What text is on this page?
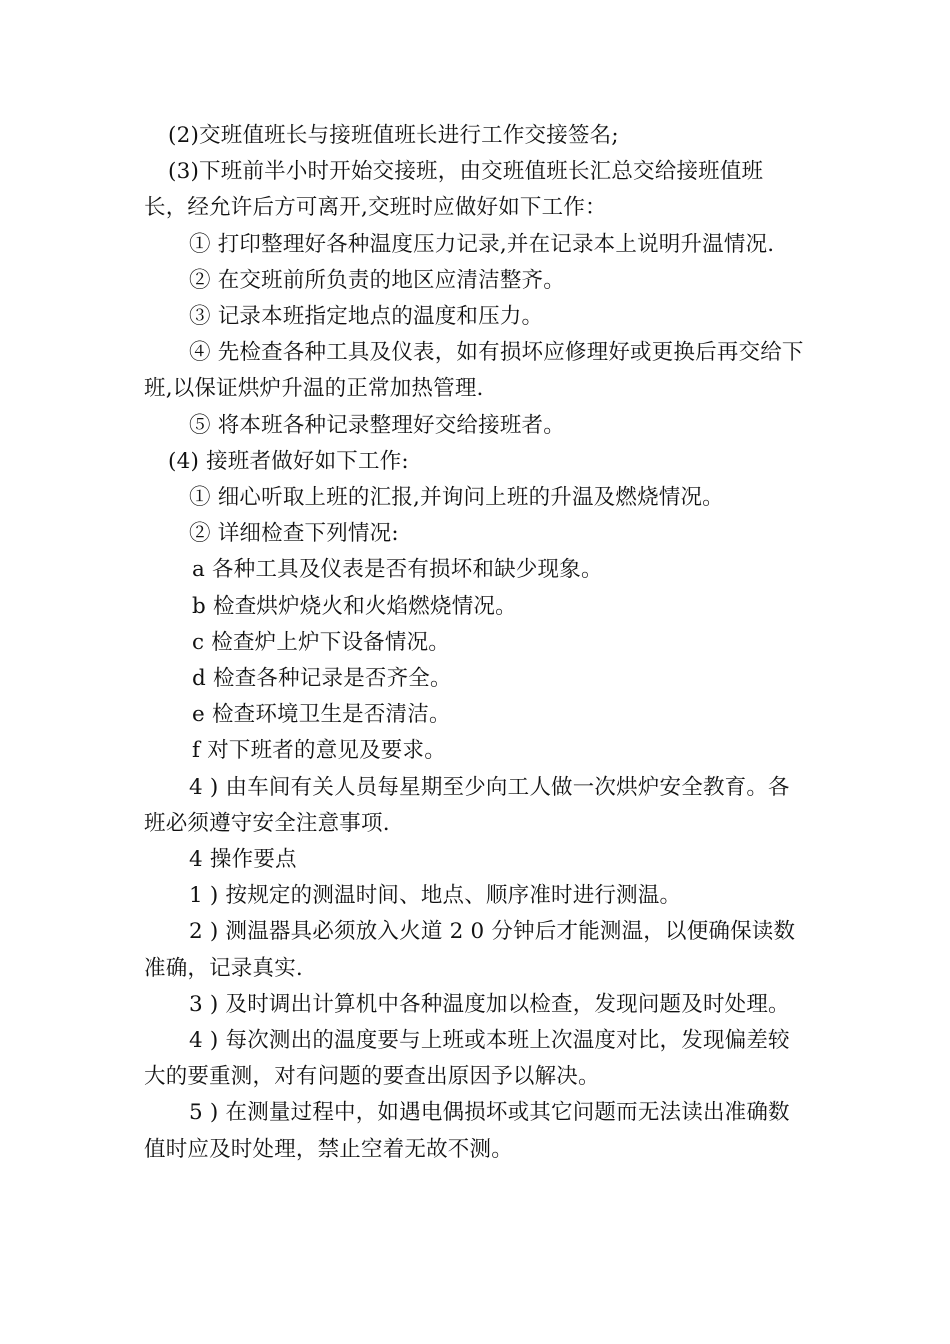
(2)交班值班长与接班值班长进行工作交接签名;

(3)下班前半小时开始交接班，由交班值班长汇总交给接班值班长，经允许后方可离开,交班时应做好如下工作：

① 打印整理好各种温度压力记录,并在记录本上说明升温情况.

② 在交班前所负责的地区应清洁整齐。

③ 记录本班指定地点的温度和压力。

④ 先检查各种工具及仪表，如有损坏应修理好或更换后再交给下班,以保证烘炉升温的正常加热管理.

⑤ 将本班各种记录整理好交给接班者。

(4) 接班者做好如下工作:

① 细心听取上班的汇报,并询问上班的升温及燃烧情况。

② 详细检查下列情况:

a 各种工具及仪表是否有损坏和缺少现象。

b 检查烘炉烧火和火焰燃烧情况。

c 检查炉上炉下设备情况。

d 检查各种记录是否齐全。

e 检查环境卫生是否清洁。

f 对下班者的意见及要求。

4 ) 由车间有关人员每星期至少向工人做一次烘炉安全教育。各班必须遵守安全注意事项.

4 操作要点

1 ) 按规定的测温时间、地点、顺序准时进行测温。

2 ) 测温器具必须放入火道 2 0 分钟后才能测温，以便确保读数准确，记录真实.

3 ) 及时调出计算机中各种温度加以检查，发现问题及时处理。

4 ) 每次测出的温度要与上班或本班上次温度对比，发现偏差较大的要重测，对有问题的要查出原因予以解决。

5 ) 在测量过程中，如遇电偶损坏或其它问题而无法读出准确数值时应及时处理，禁止空着无故不测。
